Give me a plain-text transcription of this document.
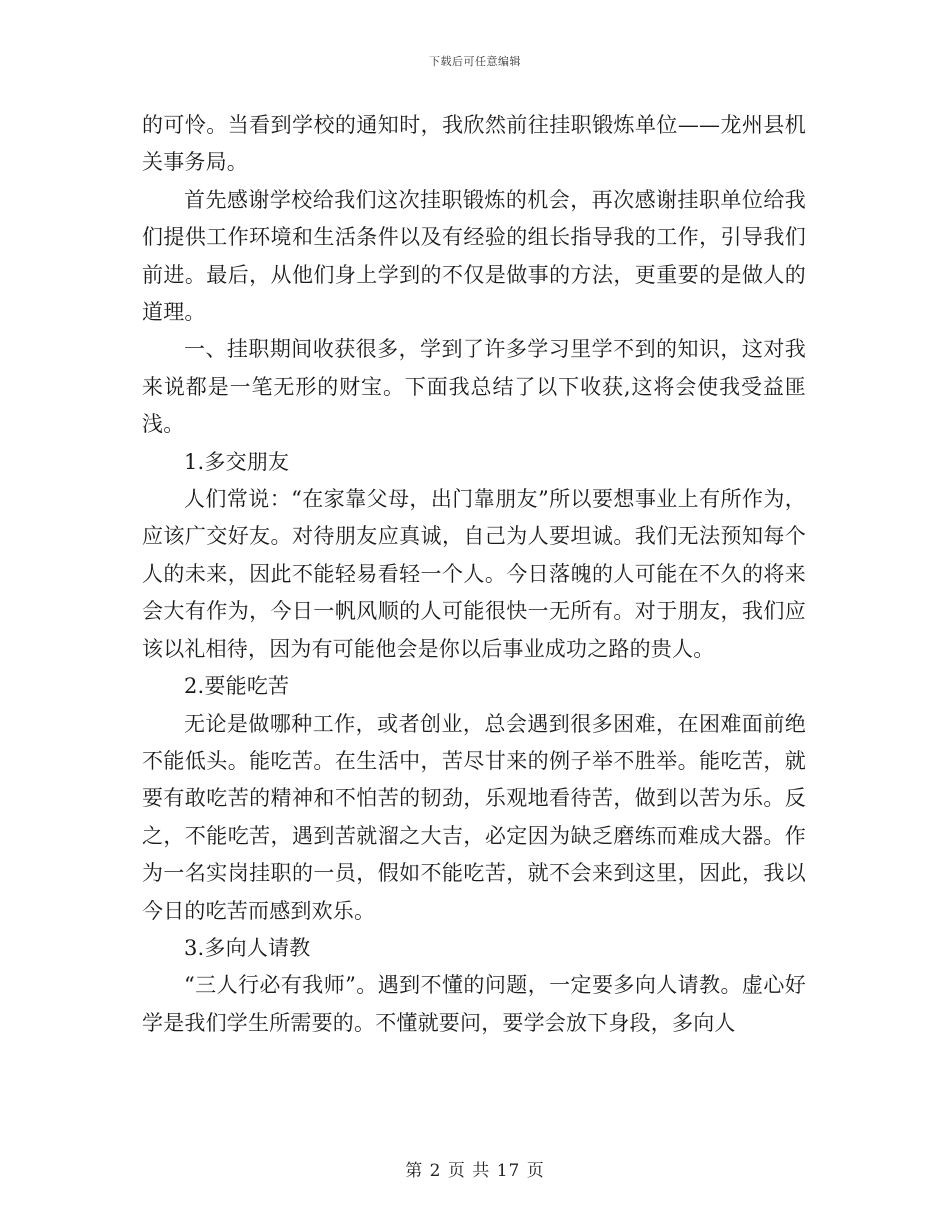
下载后可任意编辑

的可怜。当看到学校的通知时，我欣然前往挂职锻炼单位——龙州县机关事务局。

首先感谢学校给我们这次挂职锻炼的机会，再次感谢挂职单位给我们提供工作环境和生活条件以及有经验的组长指导我的工作，引导我们前进。最后，从他们身上学到的不仅是做事的方法，更重要的是做人的道理。

一、挂职期间收获很多，学到了许多学习里学不到的知识，这对我来说都是一笔无形的财宝。下面我总结了以下收获,这将会使我受益匪浅。

1.多交朋友

人们常说：“在家靠父母，出门靠朋友”所以要想事业上有所作为，应该广交好友。对待朋友应真诚，自己为人要坦诚。我们无法预知每个人的未来，因此不能轻易看轻一个人。今日落魄的人可能在不久的将来会大有作为，今日一帆风顺的人可能很快一无所有。对于朋友，我们应该以礼相待，因为有可能他会是你以后事业成功之路的贵人。

2.要能吃苦

无论是做哪种工作，或者创业，总会遇到很多困难，在困难面前绝不能低头。能吃苦。在生活中，苦尽甘来的例子举不胜举。能吃苦，就要有敢吃苦的精神和不怕苦的韧劲，乐观地看待苦，做到以苦为乐。反之，不能吃苦，遇到苦就溜之大吉，必定因为缺乏磨练而难成大器。作为一名实岗挂职的一员，假如不能吃苦，就不会来到这里，因此，我以今日的吃苦而感到欢乐。

3.多向人请教

“三人行必有我师”。遇到不懂的问题，一定要多向人请教。虚心好学是我们学生所需要的。不懂就要问，要学会放下身段，多向人

第 2 页 共 17 页
